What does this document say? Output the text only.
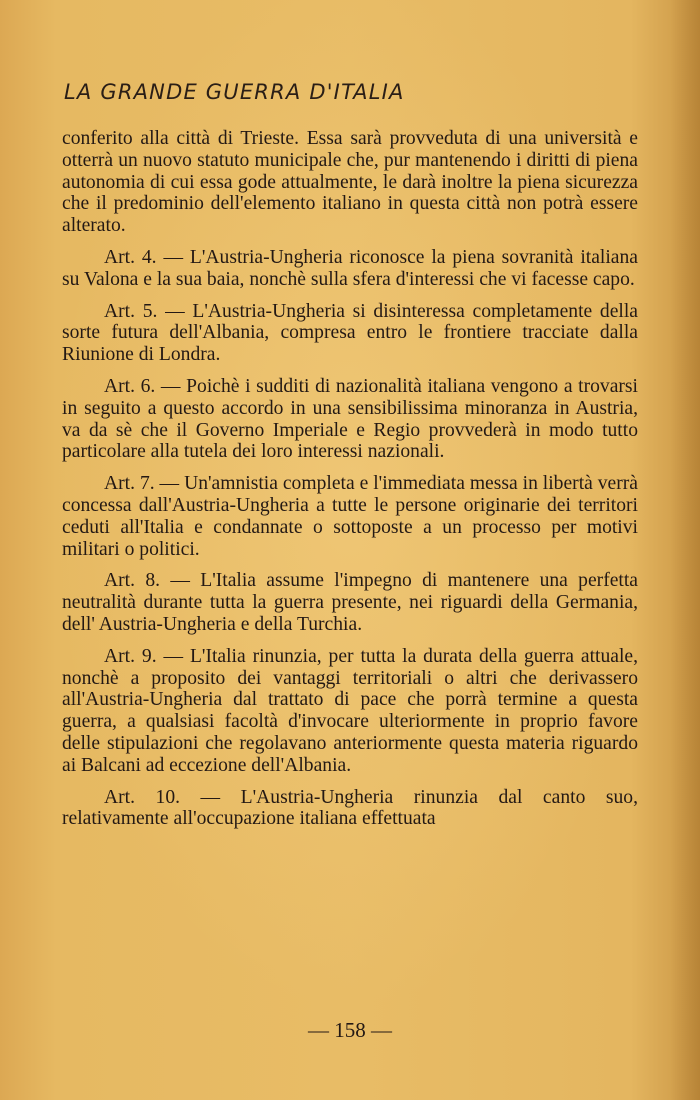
LA GRANDE GUERRA D'ITALIA

conferito alla città di Trieste. Essa sarà provveduta di una università e otterrà un nuovo statuto municipale che, pur mantenendo i diritti di piena autonomia di cui essa gode attualmente, le darà inoltre la piena sicurezza che il predominio dell'elemento italiano in questa città non potrà essere alterato.

Art. 4. — L'Austria-Ungheria riconosce la piena sovranità italiana su Valona e la sua baia, nonchè sulla sfera d'interessi che vi facesse capo.

Art. 5. — L'Austria-Ungheria si disinteressa completamente della sorte futura dell'Albania, compresa entro le frontiere tracciate dalla Riunione di Londra.

Art. 6. — Poichè i sudditi di nazionalità italiana vengono a trovarsi in seguito a questo accordo in una sensibilissima minoranza in Austria, va da sè che il Governo Imperiale e Regio provvederà in modo tutto particolare alla tutela dei loro interessi nazionali.

Art. 7. — Un'amnistia completa e l'immediata messa in libertà verrà concessa dall'Austria-Ungheria a tutte le persone originarie dei territori ceduti all'Italia e condannate o sottoposte a un processo per motivi militari o politici.

Art. 8. — L'Italia assume l'impegno di mantenere una perfetta neutralità durante tutta la guerra presente, nei riguardi della Germania, dell' Austria-Ungheria e della Turchia.

Art. 9. — L'Italia rinunzia, per tutta la durata della guerra attuale, nonchè a proposito dei vantaggi territoriali o altri che derivassero all'Austria-Ungheria dal trattato di pace che porrà termine a questa guerra, a qualsiasi facoltà d'invocare ulteriormente in proprio favore delle stipulazioni che regolavano anteriormente questa materia riguardo ai Balcani ad eccezione dell'Albania.

Art. 10. — L'Austria-Ungheria rinunzia dal canto suo, relativamente all'occupazione italiana effettuata

— 158 —
